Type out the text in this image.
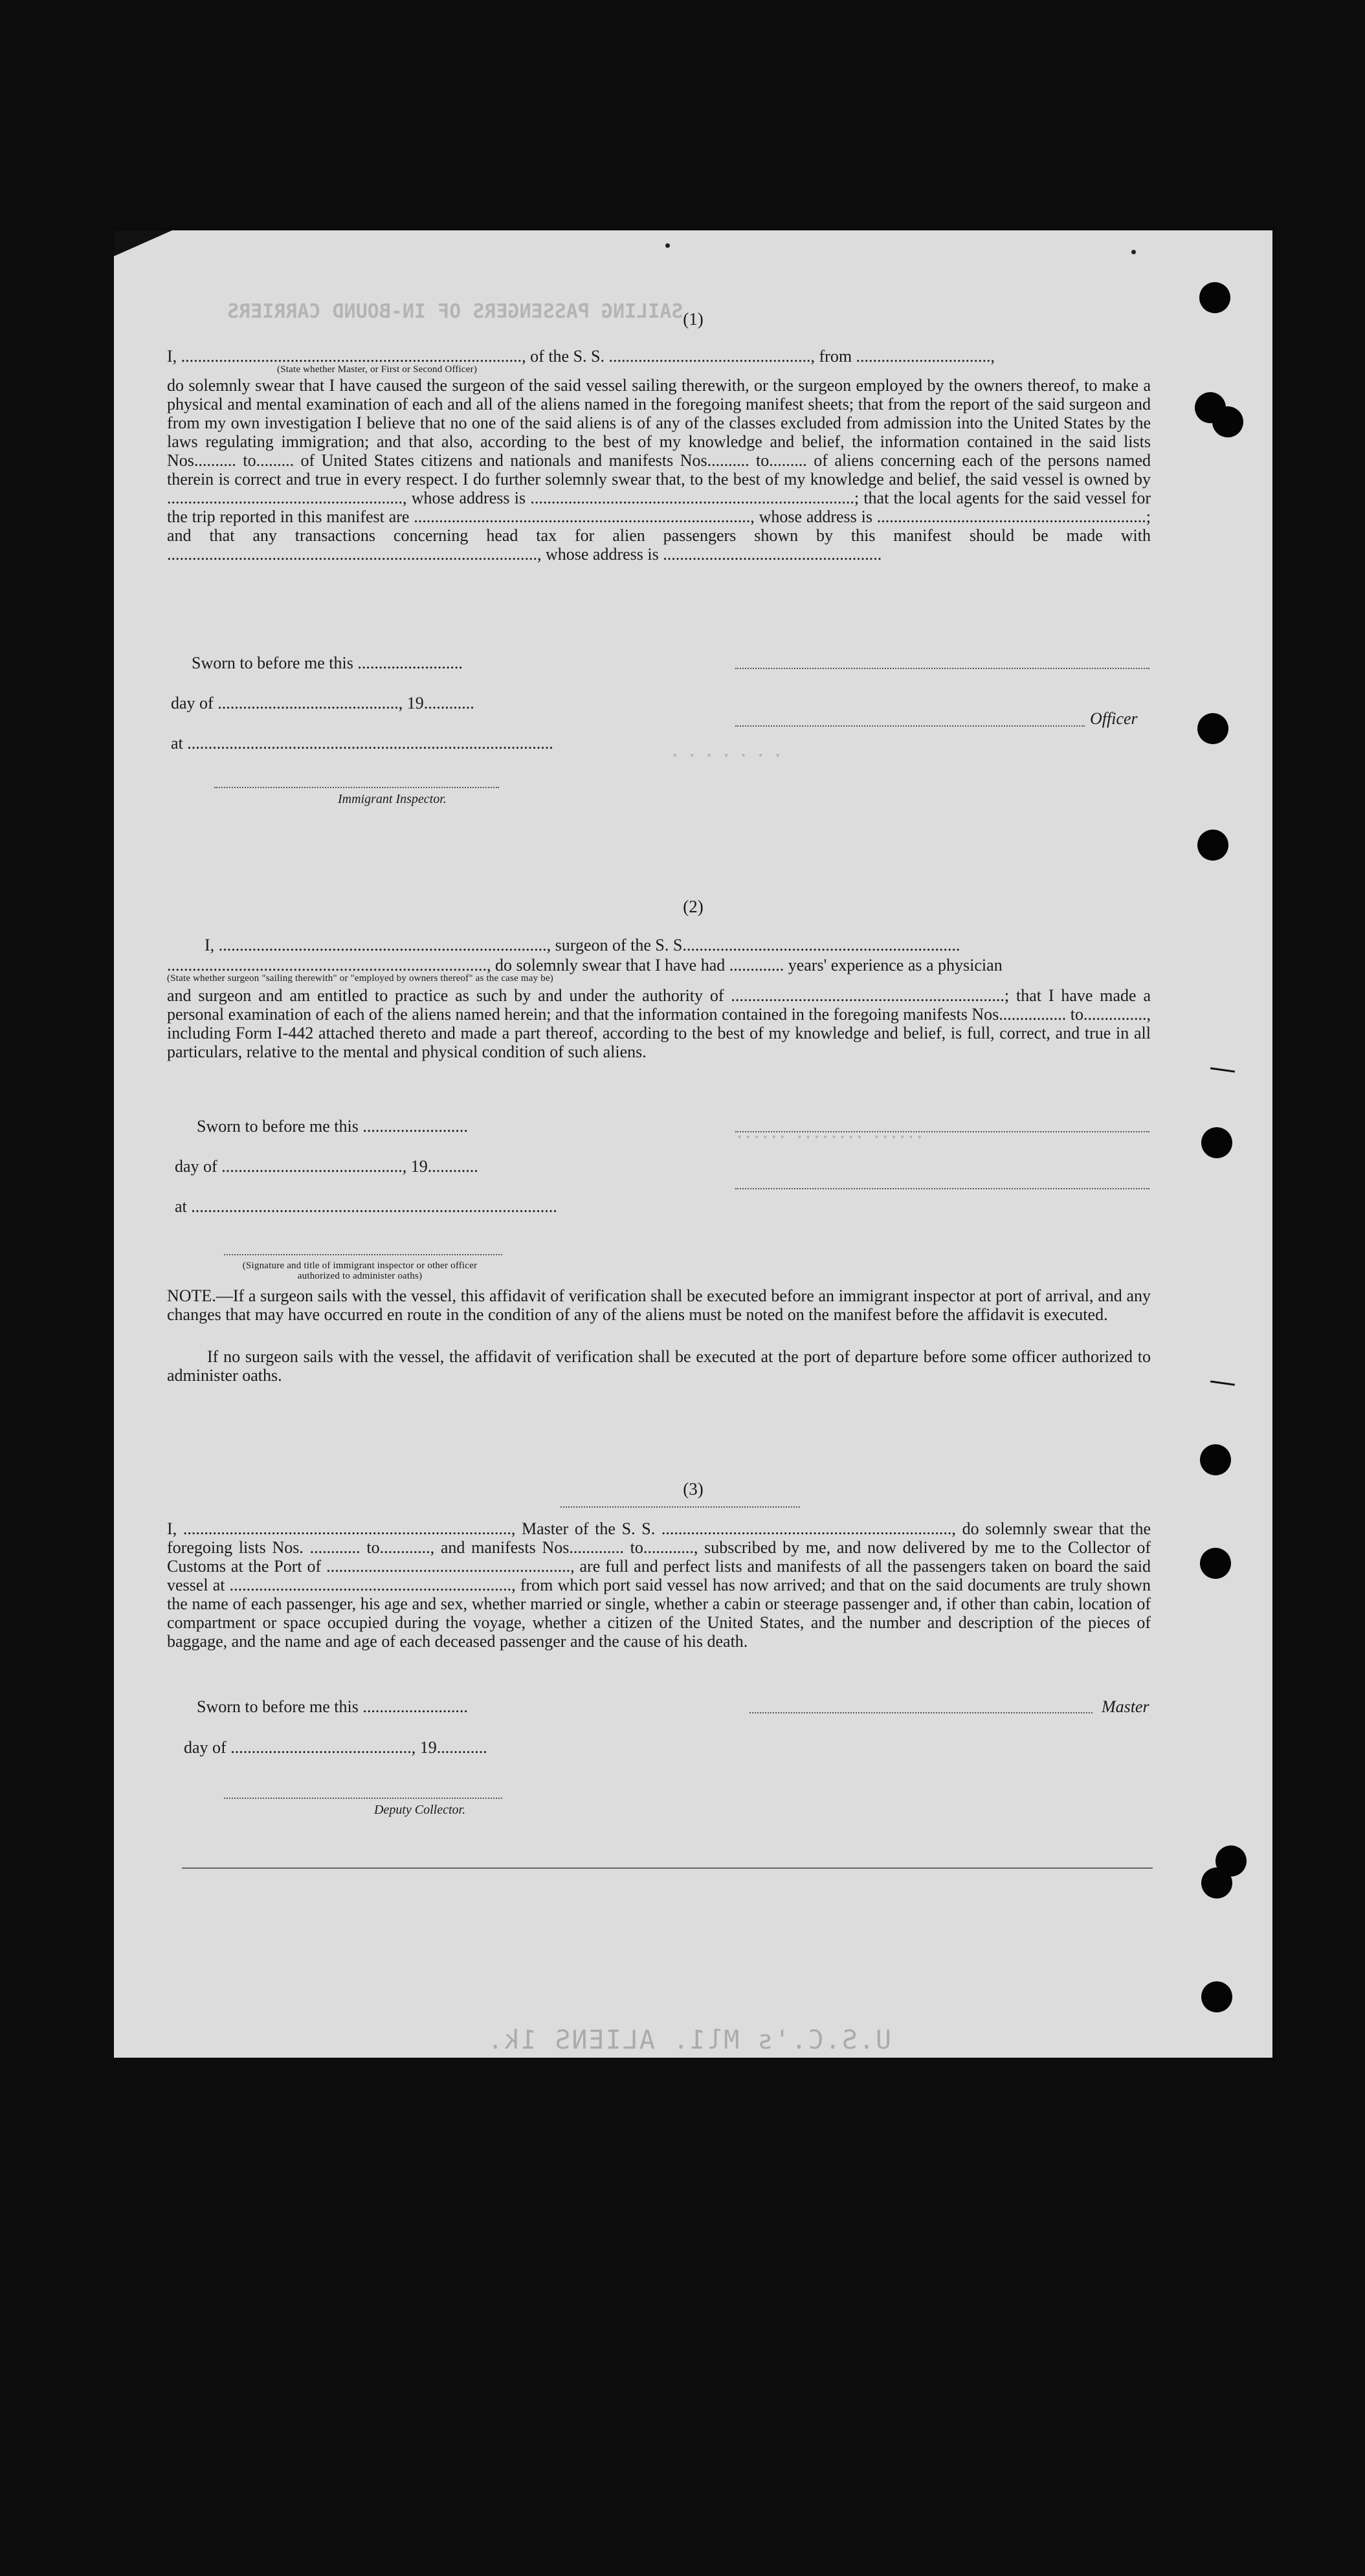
SAILING PASSENGERS OF IN-BOUND CARRIERS
· · · · · · ·
······ ········ ······
(1)
I, ................................................................................., of the S. S. ................................................, from ................................,
(State whether Master, or First or Second Officer)
do solemnly swear that I have caused the surgeon of the said vessel sailing therewith, or the surgeon employed by the owners thereof, to make a physical and mental examination of each and all of the aliens named in the foregoing manifest sheets; that from the report of the said surgeon and from my own investigation I believe that no one of the said aliens is of any of the classes excluded from admission into the United States by the laws regulating immigration; and that also, according to the best of my knowledge and belief, the information contained in the said lists Nos.......... to......... of United States citizens and nationals and manifests Nos.......... to......... of aliens concerning each of the persons named therein is correct and true in every respect. I do further solemnly swear that, to the best of my knowledge and belief, the said vessel is owned by ........................................................, whose address is .............................................................................; that the local agents for the said vessel for the trip reported in this manifest are ................................................................................, whose address is ................................................................; and that any transactions concerning head tax for alien passengers shown by this manifest should be made with ........................................................................................, whose address is ....................................................
Sworn to before me this .........................
day of ..........................................., 19............
at .......................................................................................
Immigrant Inspector.
Officer
(2)
I, .............................................................................., surgeon of the S. S..................................................................
............................................................................, do solemnly swear that I have had ............. years' experience as a physician
(State whether surgeon "sailing therewith" or "employed by owners thereof" as the case may be)
and surgeon and am entitled to practice as such by and under the authority of .................................................................; that I have made a personal examination of each of the aliens named herein; and that the information contained in the foregoing manifests Nos................ to..............., including Form I-442 attached thereto and made a part thereof, according to the best of my knowledge and belief, is full, correct, and true in all particulars, relative to the mental and physical condition of such aliens.
Sworn to before me this .........................
day of ..........................................., 19............
at .......................................................................................
(Signature and title of immigrant inspector or other officer authorized to administer oaths)
NOTE.—If a surgeon sails with the vessel, this affidavit of verification shall be executed before an immigrant inspector at port of arrival, and any changes that may have occurred en route in the condition of any of the aliens must be noted on the manifest before the affidavit is executed.
If no surgeon sails with the vessel, the affidavit of verification shall be executed at the port of departure before some officer authorized to administer oaths.
(3)
I, .............................................................................., Master of the S. S. ....................................................................., do solemnly swear that the foregoing lists Nos. ............ to............, and manifests Nos............. to............, subscribed by me, and now delivered by me to the Collector of Customs at the Port of .........................................................., are full and perfect lists and manifests of all the passengers taken on board the said vessel at ..................................................................., from which port said vessel has now arrived; and that on the said documents are truly shown the name of each passenger, his age and sex, whether married or single, whether a cabin or steerage passenger and, if other than cabin, location of compartment or space occupied during the voyage, whether a citizen of the United States, and the number and description of the pieces of baggage, and the name and age of each deceased passenger and the cause of his death.
Sworn to before me this .........................
day of ..........................................., 19............
Deputy Collector.
Master
U.S.C.'s Ml1. ALIENS 1k.
